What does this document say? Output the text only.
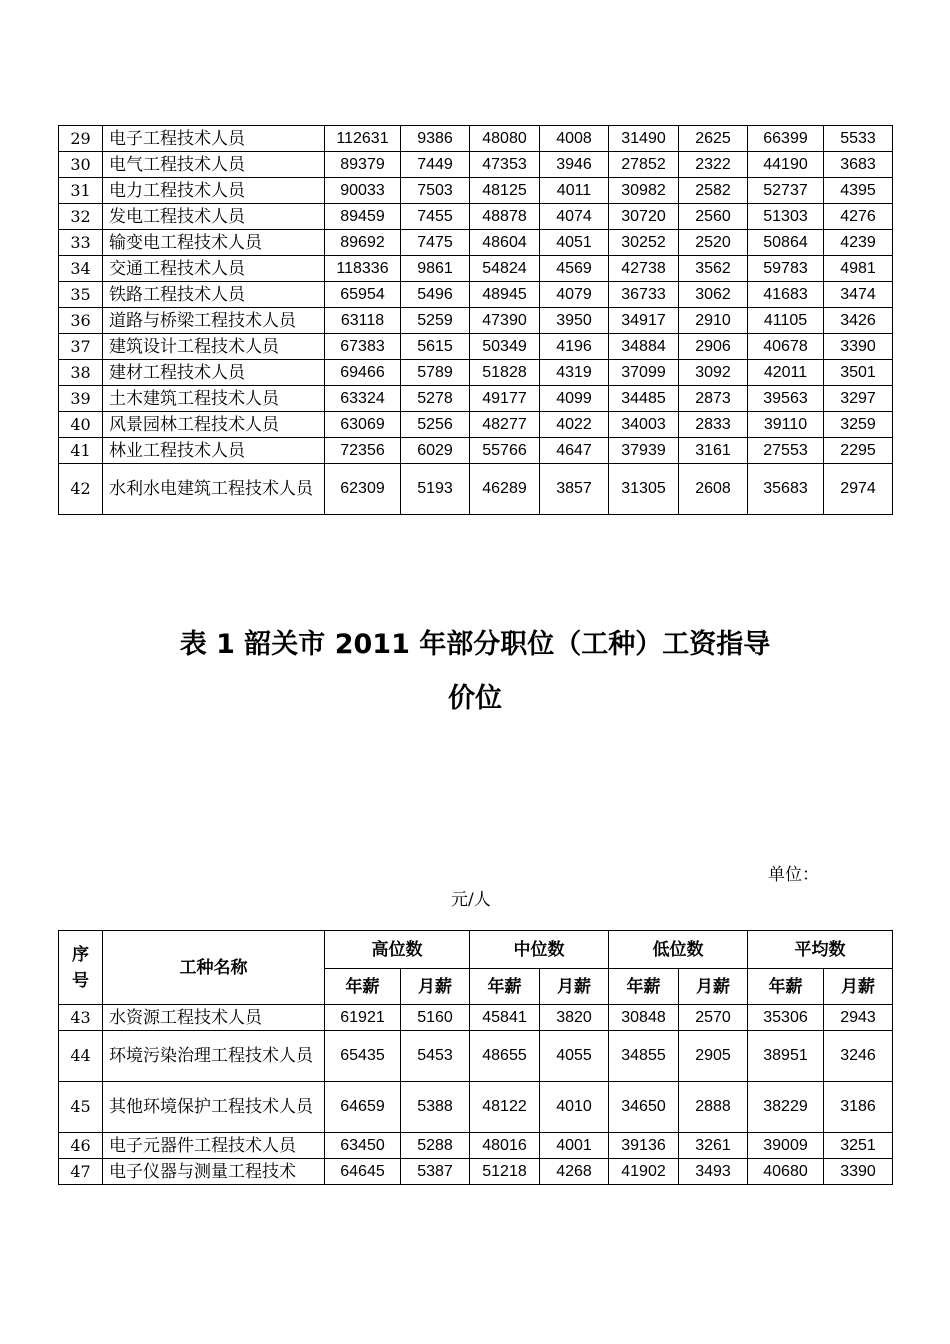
29	电子工程技术人员	112631	9386	48080	4008	31490	2625	66399	5533
30	电气工程技术人员	89379	7449	47353	3946	27852	2322	44190	3683
31	电力工程技术人员	90033	7503	48125	4011	30982	2582	52737	4395
32	发电工程技术人员	89459	7455	48878	4074	30720	2560	51303	4276
33	输变电工程技术人员	89692	7475	48604	4051	30252	2520	50864	4239
34	交通工程技术人员	118336	9861	54824	4569	42738	3562	59783	4981
35	铁路工程技术人员	65954	5496	48945	4079	36733	3062	41683	3474
36	道路与桥梁工程技术人员	63118	5259	47390	3950	34917	2910	41105	3426
37	建筑设计工程技术人员	67383	5615	50349	4196	34884	2906	40678	3390
38	建材工程技术人员	69466	5789	51828	4319	37099	3092	42011	3501
39	土木建筑工程技术人员	63324	5278	49177	4099	34485	2873	39563	3297
40	风景园林工程技术人员	63069	5256	48277	4022	34003	2833	39110	3259
41	林业工程技术人员	72356	6029	55766	4647	37939	3161	27553	2295
42	水利水电建筑工程技术人员	62309	5193	46289	3857	31305	2608	35683	2974
表 1 韶关市 2011 年部分职位（工种）工资指导
价位
单位：
元/人
序号	工种名称	高位数		中位数		低位数		平均数	
		年薪	月薪	年薪	月薪	年薪	月薪	年薪	月薪
43	水资源工程技术人员	61921	5160	45841	3820	30848	2570	35306	2943
44	环境污染治理工程技术人员	65435	5453	48655	4055	34855	2905	38951	3246
45	其他环境保护工程技术人员	64659	5388	48122	4010	34650	2888	38229	3186
46	电子元器件工程技术人员	63450	5288	48016	4001	39136	3261	39009	3251
47	电子仪器与测量工程技术	64645	5387	51218	4268	41902	3493	40680	3390
